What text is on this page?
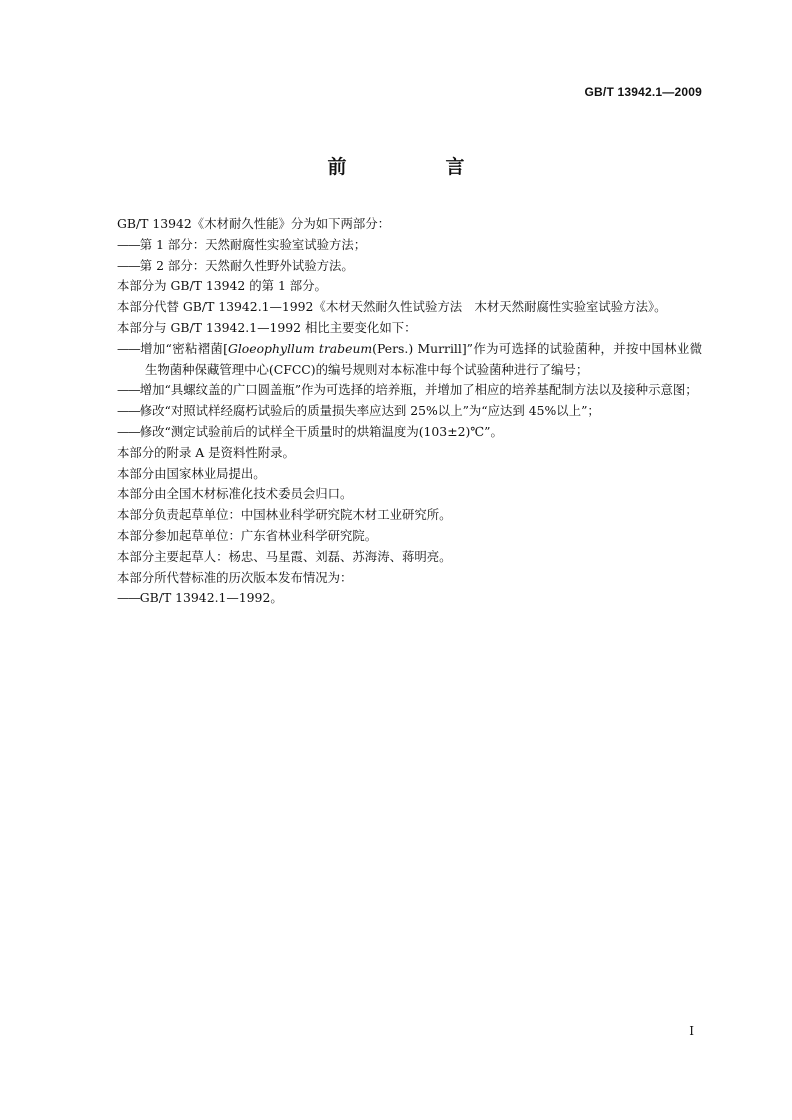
GB/T 13942.1—2009
前　言

GB/T 13942《木材耐久性能》分为如下两部分：

——第 1 部分：天然耐腐性实验室试验方法；

——第 2 部分：天然耐久性野外试验方法。

本部分为 GB/T 13942 的第 1 部分。

本部分代替 GB/T 13942.1—1992《木材天然耐久性试验方法　木材天然耐腐性实验室试验方法》。

本部分与 GB/T 13942.1—1992 相比主要变化如下：

——增加“密粘褶菌[Gloeophyllum trabeum(Pers.) Murrill]”作为可选择的试验菌种，并按中国林业微生物菌种保藏管理中心(CFCC)的编号规则对本标准中每个试验菌种进行了编号；

——增加“具螺纹盖的广口圆盖瓶”作为可选择的培养瓶，并增加了相应的培养基配制方法以及接种示意图；

——修改“对照试样经腐朽试验后的质量损失率应达到 25%以上”为“应达到 45%以上”；

——修改“测定试验前后的试样全干质量时的烘箱温度为(103±2)℃”。

本部分的附录 A 是资料性附录。

本部分由国家林业局提出。

本部分由全国木材标准化技术委员会归口。

本部分负责起草单位：中国林业科学研究院木材工业研究所。

本部分参加起草单位：广东省林业科学研究院。

本部分主要起草人：杨忠、马星霞、刘磊、苏海涛、蒋明亮。

本部分所代替标准的历次版本发布情况为：

——GB/T 13942.1—1992。

I
